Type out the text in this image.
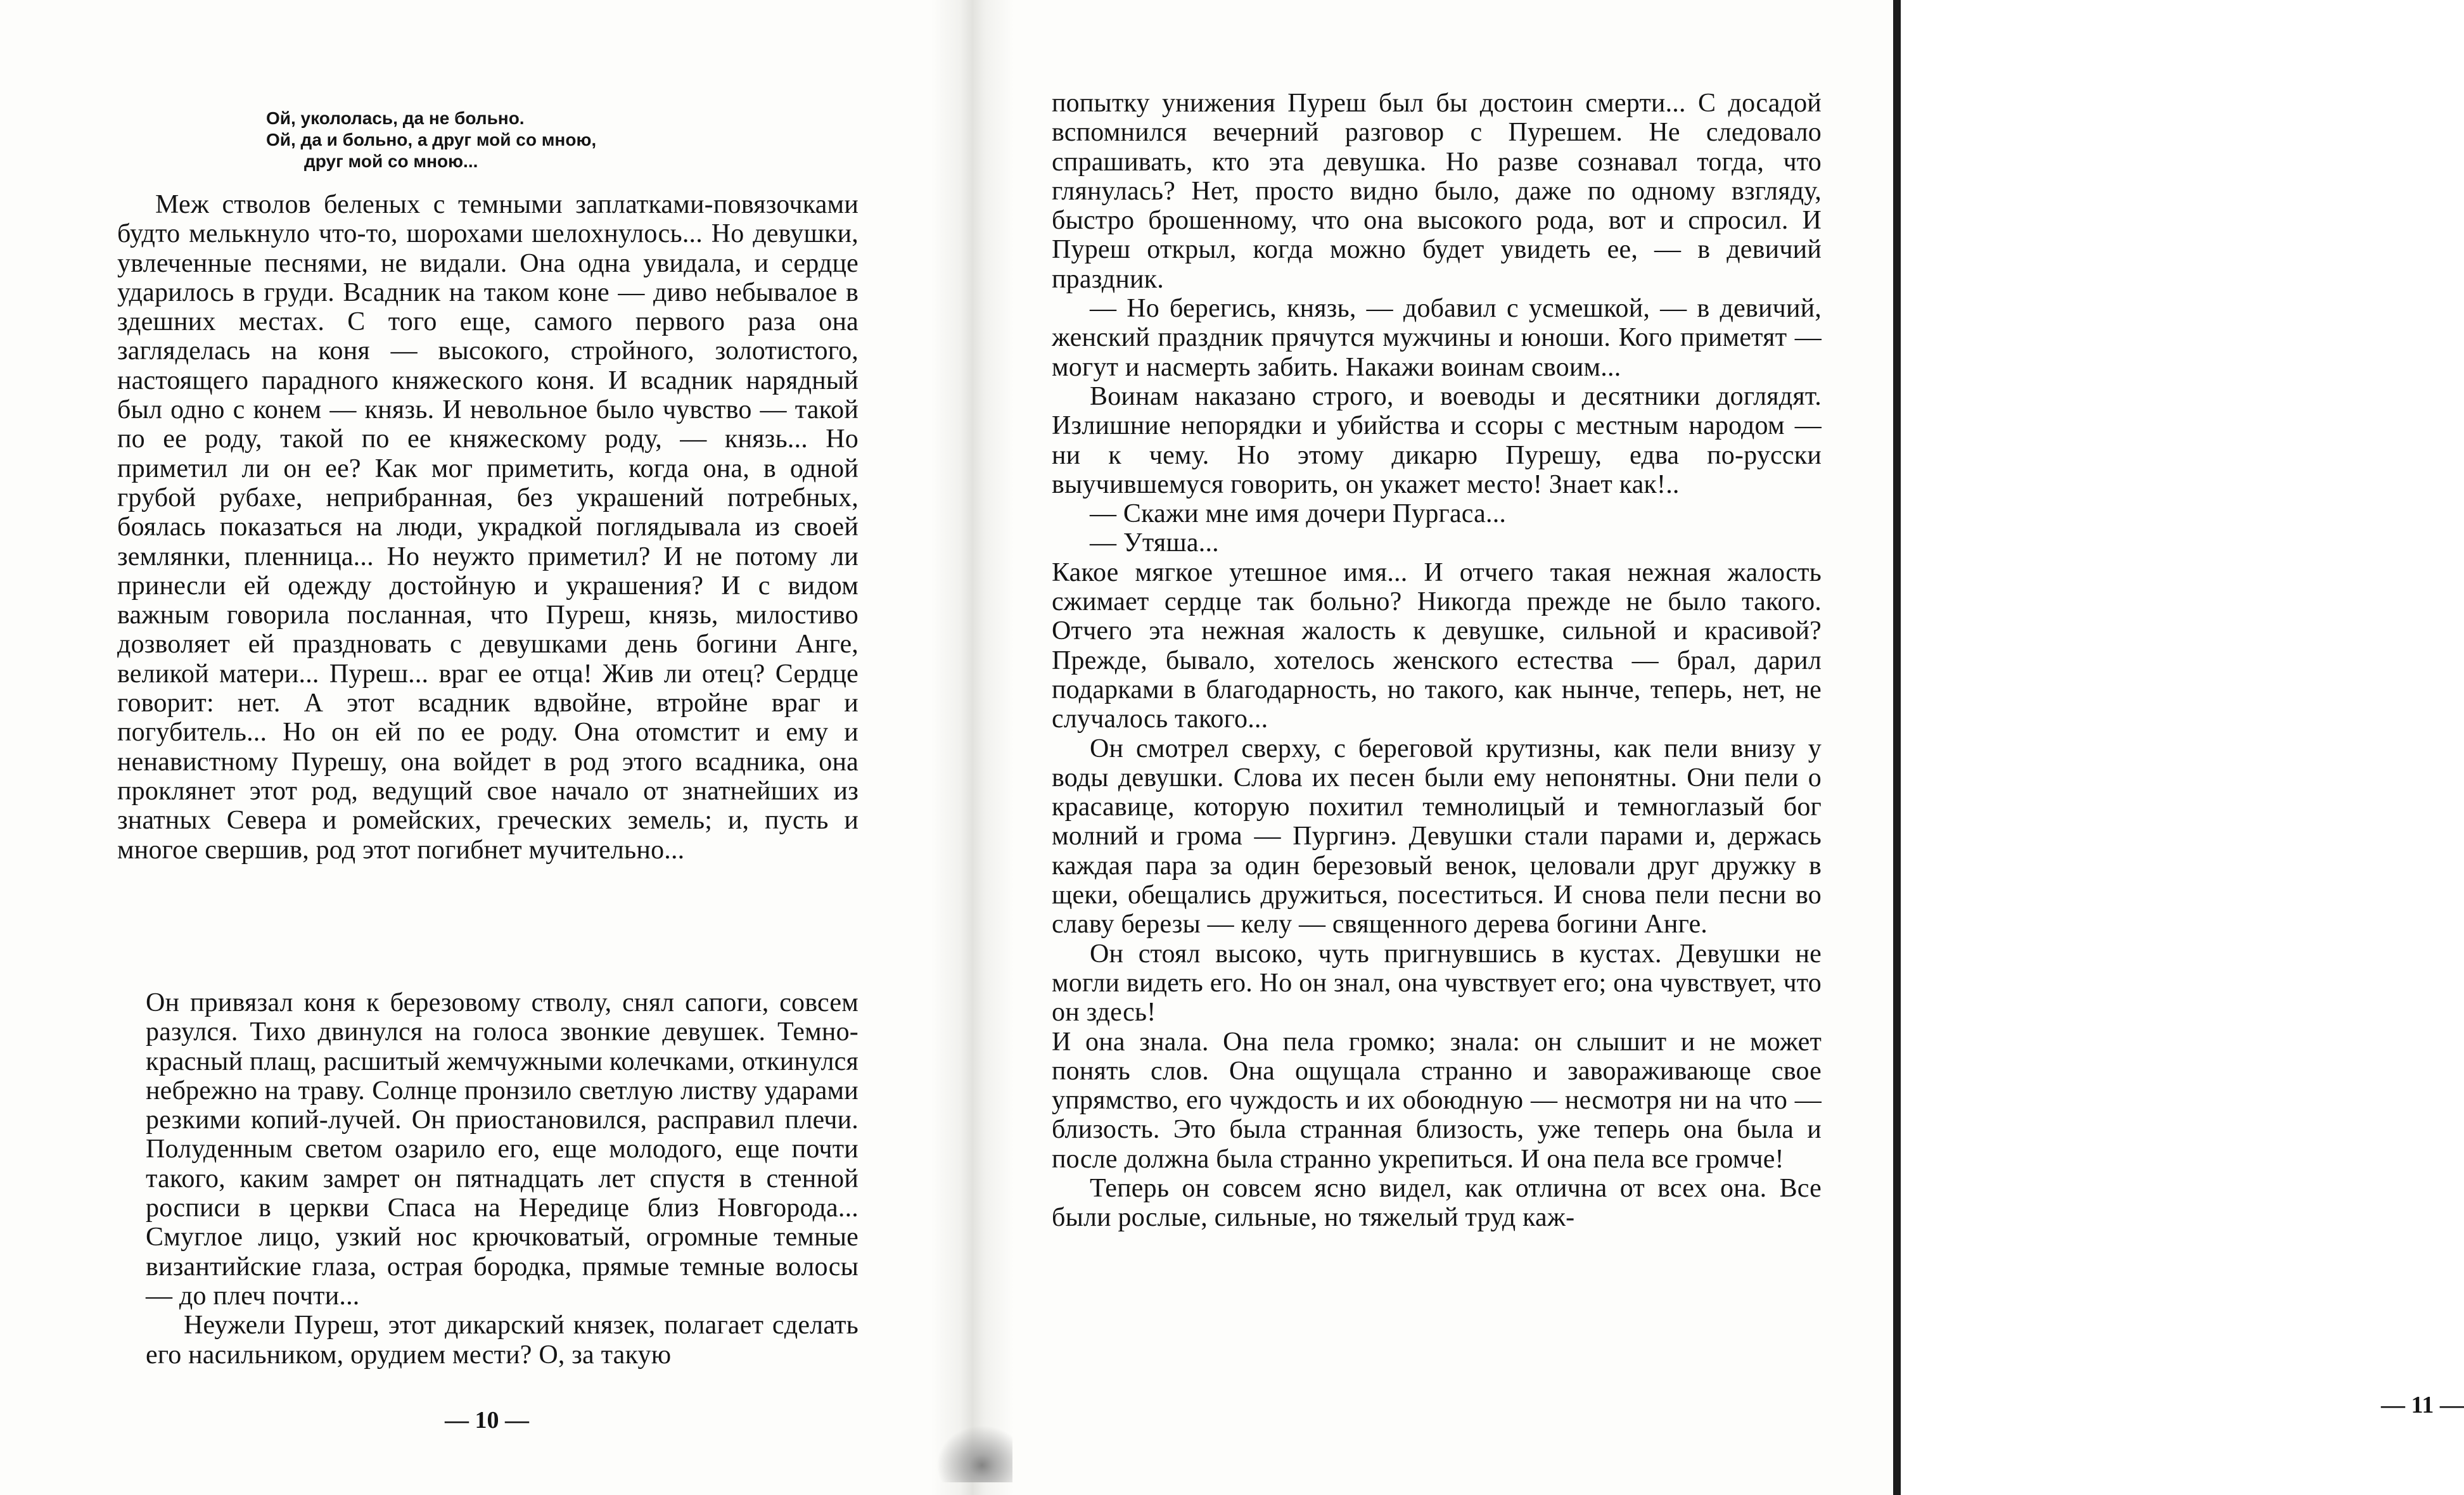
Ой, укололась, да не больно.
Ой, да и больно, а друг мой со мною,
друг мой со мною...

Меж стволов беленых с темными заплатками-повязочками будто мелькнуло что-то, шорохами шелохнулось... Но девушки, увлеченные песнями, не видали. Она одна увидала, и сердце ударилось в груди. Всадник на таком коне — диво небывалое в здешних местах. С того еще, самого первого раза она загляделась на коня — высокого, стройного, золотистого, настоящего парадного княжеского коня. И всадник нарядный был одно с конем — князь. И невольное было чувство — такой по ее роду, такой по ее княжескому роду, — князь... Но приметил ли он ее? Как мог приметить, когда она, в одной грубой рубахе, неприбранная, без украшений потребных, боялась показаться на люди, украдкой поглядывала из своей землянки, пленница... Но неужто приметил? И не потому ли принесли ей одежду достойную и украшения? И с видом важным говорила посланная, что Пуреш, князь, милостиво дозволяет ей праздновать с девушками день богини Анге, великой матери... Пуреш... враг ее отца! Жив ли отец? Сердце говорит: нет. А этот всадник вдвойне, втройне враг и погубитель... Но он ей по ее роду. Она отомстит и ему и ненавистному Пурешу, она войдет в род этого всадника, она проклянет этот род, ведущий свое начало от знатнейших из знатных Севера и ромейских, греческих земель; и, пусть и многое свершив, род этот погибнет мучительно...

Он привязал коня к березовому стволу, снял сапоги, совсем разулся. Тихо двинулся на голоса звонкие девушек. Темно-красный плащ, расшитый жемчужными колечками, откинулся небрежно на траву. Солнце пронзило светлую листву ударами резкими копий-лучей. Он приостановился, расправил плечи. Полуденным светом озарило его, еще молодого, еще почти такого, каким замрет он пятнадцать лет спустя в стенной росписи в церкви Спаса на Нередице близ Новгорода... Смуглое лицо, узкий нос крючковатый, огромные темные византийские глаза, острая бородка, прямые темные волосы — до плеч почти...

Неужели Пуреш, этот дикарский князек, полагает сделать его насильником, орудием мести? О, за такую

— 10 —

попытку унижения Пуреш был бы достоин смерти... С досадой вспомнился вечерний разговор с Пурешем. Не следовало спрашивать, кто эта девушка. Но разве сознавал тогда, что глянулась? Нет, просто видно было, даже по одному взгляду, быстро брошенному, что она высокого рода, вот и спросил. И Пуреш открыл, когда можно будет увидеть ее, — в девичий праздник.

— Но берегись, князь, — добавил с усмешкой, — в девичий, женский праздник прячутся мужчины и юноши. Кого приметят — могут и насмерть забить. Накажи воинам своим...

Воинам наказано строго, и воеводы и десятники доглядят. Излишние непорядки и убийства и ссоры с местным народом — ни к чему. Но этому дикарю Пурешу, едва по-русски выучившемуся говорить, он укажет место! Знает как!..

— Скажи мне имя дочери Пургаса...

— Утяша...

Какое мягкое утешное имя... И отчего такая нежная жалость сжимает сердце так больно? Никогда прежде не было такого. Отчего эта нежная жалость к девушке, сильной и красивой? Прежде, бывало, хотелось женского естества — брал, дарил подарками в благодарность, но такого, как нынче, теперь, нет, не случалось такого...

Он смотрел сверху, с береговой крутизны, как пели внизу у воды девушки. Слова их песен были ему непонятны. Они пели о красавице, которую похитил темнолицый и темноглазый бог молний и грома — Пургинэ. Девушки стали парами и, держась каждая пара за один березовый венок, целовали друг дружку в щеки, обещались дружиться, посеститься. И снова пели песни во славу березы — келу — священного дерева богини Анге.

Он стоял высоко, чуть пригнувшись в кустах. Девушки не могли видеть его. Но он знал, она чувствует его; она чувствует, что он здесь!

И она знала. Она пела громко; знала: он слышит и не может понять слов. Она ощущала странно и завораживающе свое упрямство, его чуждость и их обоюдную — несмотря ни на что — близость. Это была странная близость, уже теперь она была и после должна была странно укрепиться. И она пела все громче!

Теперь он совсем ясно видел, как отлична от всех она. Все были рослые, сильные, но тяжелый труд каж-

— 11 —
